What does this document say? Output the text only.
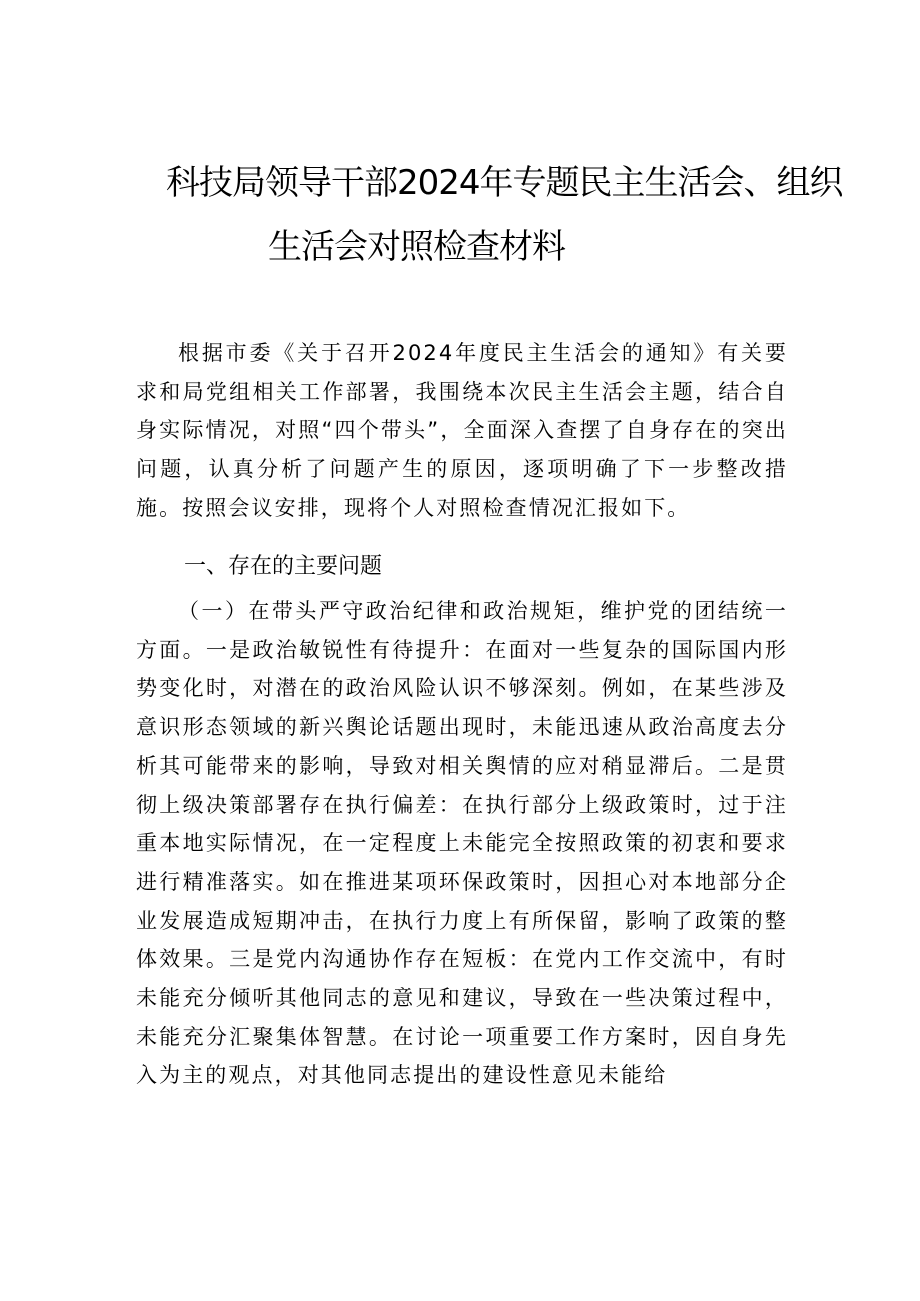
科技局领导干部2024年专题民主生活会、组织
生活会对照检查材料
根据市委《关于召开2024年度民主生活会的通知》有关要求和局党组相关工作部署，我围绕本次民主生活会主题，结合自身实际情况，对照“四个带头”，全面深入查摆了自身存在的突出问题，认真分析了问题产生的原因，逐项明确了下一步整改措施。按照会议安排，现将个人对照检查情况汇报如下。
一、存在的主要问题
（一）在带头严守政治纪律和政治规矩，维护党的团结统一方面。一是政治敏锐性有待提升：在面对一些复杂的国际国内形势变化时，对潜在的政治风险认识不够深刻。例如，在某些涉及意识形态领域的新兴舆论话题出现时，未能迅速从政治高度去分析其可能带来的影响，导致对相关舆情的应对稍显滞后。二是贯彻上级决策部署存在执行偏差：在执行部分上级政策时，过于注重本地实际情况，在一定程度上未能完全按照政策的初衷和要求进行精准落实。如在推进某项环保政策时，因担心对本地部分企业发展造成短期冲击，在执行力度上有所保留，影响了政策的整体效果。三是党内沟通协作存在短板：在党内工作交流中，有时未能充分倾听其他同志的意见和建议，导致在一些决策过程中，未能充分汇聚集体智慧。在讨论一项重要工作方案时，因自身先入为主的观点，对其他同志提出的建设性意见未能给
